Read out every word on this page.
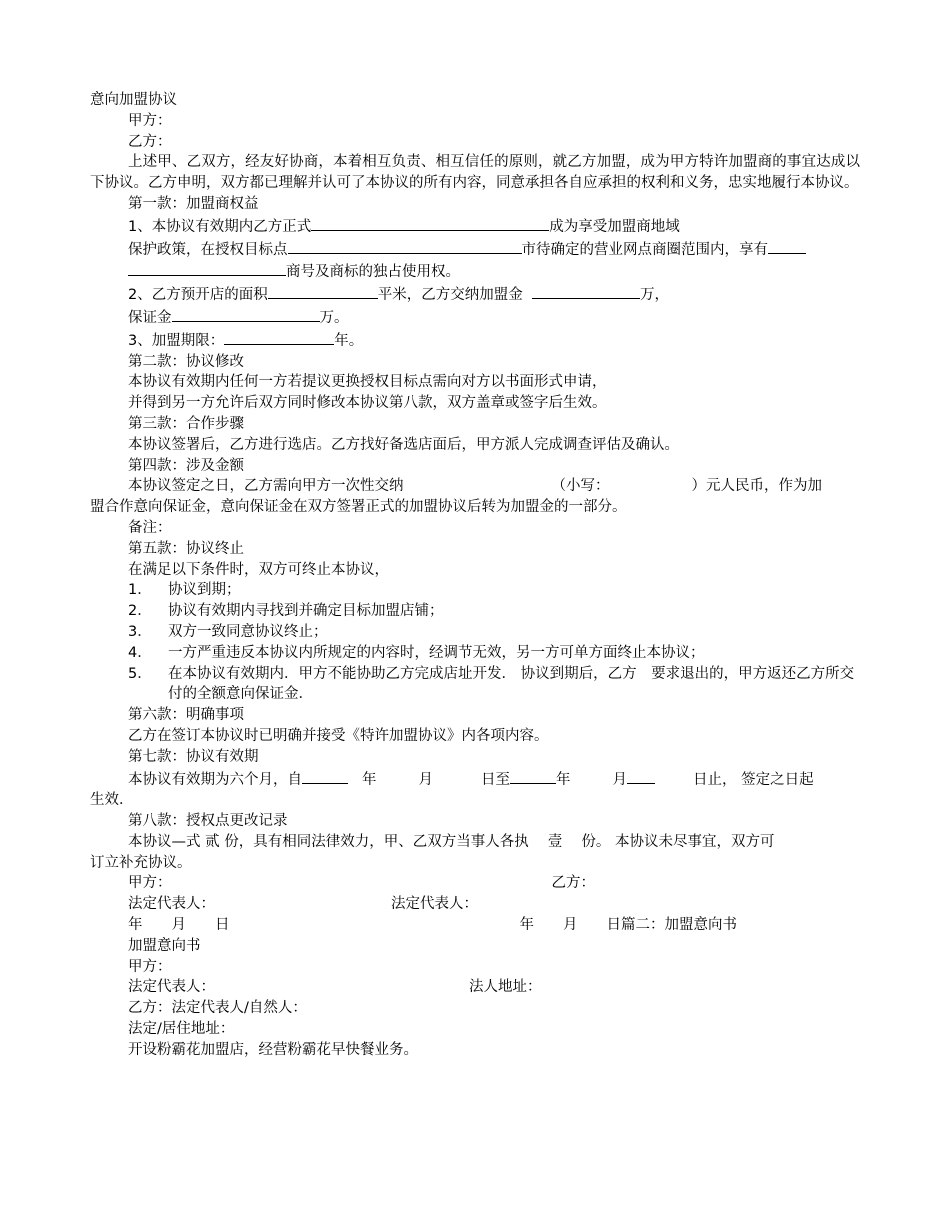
意向加盟协议
甲方：
乙方：
上述甲、乙双方，经友好协商，本着相互负责、相互信任的原则，就乙方加盟，成为甲方特许加盟商的事宜达成以下协议。乙方申明，双方都已理解并认可了本协议的所有内容，同意承担各自应承担的权利和义务，忠实地履行本协议。
第一款：加盟商权益
1、本协议有效期内乙方正式	成为享受加盟商地域
保护政策，在授权目标点	市待确定的营业网点商圈范围内，享有
商号及商标的独占使用权。
2、乙方预开店的面积	平米，乙方交纳加盟金	万，
保证金	万。
3、加盟期限：	年。
第二款：协议修改
本协议有效期内任何一方若提议更换授权目标点需向对方以书面形式申请，
并得到另一方允许后双方同时修改本协议第八款，双方盖章或签字后生效。
第三款：合作步骤
本协议签署后，乙方进行选店。乙方找好备选店面后，甲方派人完成调查评估及确认。
第四款：涉及金额
本协议签定之日，乙方需向甲方一次性交纳	（小写：	）元人民币，作为加
盟合作意向保证金，意向保证金在双方签署正式的加盟协议后转为加盟金的一部分。
备注：
第五款：协议终止
在满足以下条件时，双方可终止本协议，
1． 协议到期；
2． 协议有效期内寻找到并确定目标加盟店铺；
3． 双方一致同意协议终止；
4． 一方严重违反本协议内所规定的内容时，经调节无效，另一方可单方面终止本协议；
5． 在本协议有效期内．甲方不能协助乙方完成店址开发． 协议到期后，乙方　要求退出的，甲方返还乙方所交付的全额意向保证金．
第六款：明确事项
乙方在签订本协议时已明确并接受《特许加盟协议》内各项内容。
第七款：协议有效期
本协议有效期为六个月，自	年	月	日至	年	月	日止， 签定之日起
生效．
第八款：授权点更改记录
本协议—式 贰 份，具有相同法律效力，甲、乙双方当事人各执　 壹　 份。 本协议未尽事宜，双方可
订立补充协议。
甲方：	乙方：
法定代表人：	法定代表人：
年　　月　　日	年　　月　　日篇二：加盟意向书
加盟意向书
甲方：
法定代表人：	法人地址：
乙方：法定代表人/自然人：
法定/居住地址：
开设粉霸花加盟店，经营粉霸花早快餐业务。
